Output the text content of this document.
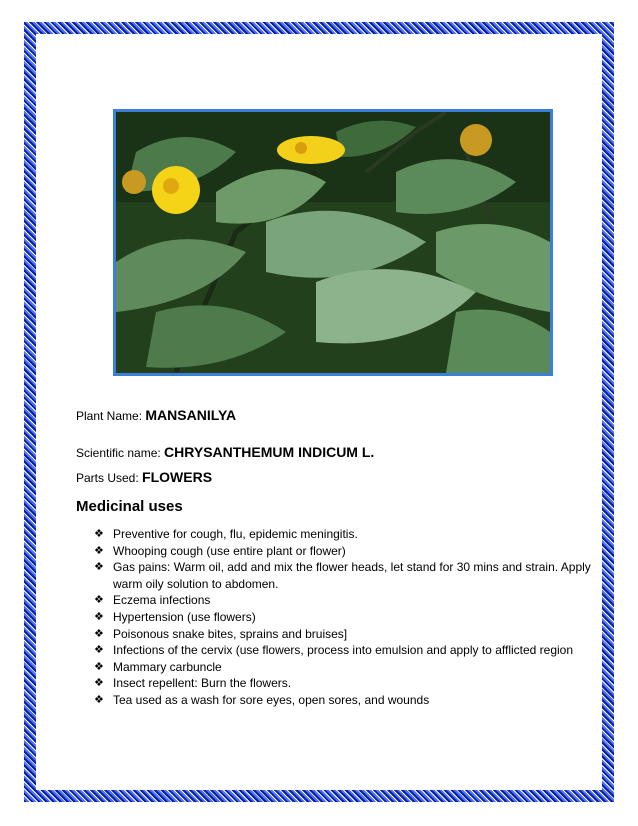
Plant Name: MANSANILYA
Scientific name: CHRYSANTHEMUM INDICUM L.
Parts Used: FLOWERS
Medicinal uses
❖ Preventive for cough, flu, epidemic meningitis.
❖ Whooping cough (use entire plant or flower)
❖ Gas pains: Warm oil, add and mix the flower heads, let stand for 30 mins and strain. Apply warm oily solution to abdomen.
❖ Eczema infections
❖ Hypertension (use flowers)
❖ Poisonous snake bites, sprains and bruises]
❖ Infections of the cervix (use flowers, process into emulsion and apply to afflicted region
❖ Mammary carbuncle
❖ Insect repellent: Burn the flowers.
❖ Tea used as a wash for sore eyes, open sores, and wounds
